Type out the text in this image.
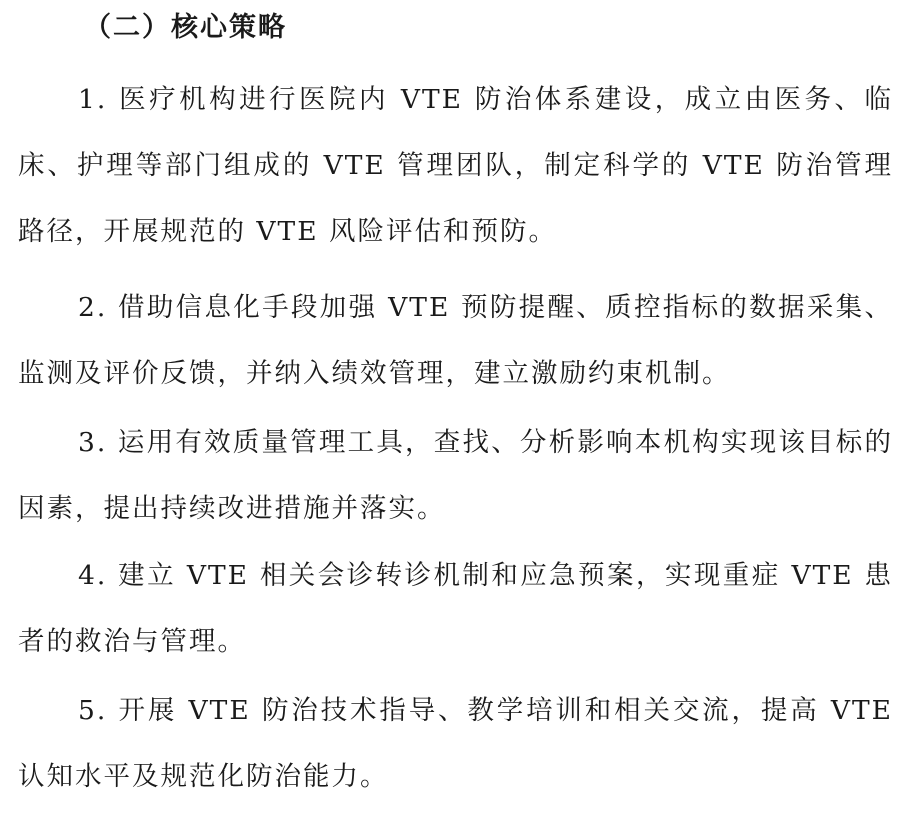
（二）核心策略

1. 医疗机构进行医院内 VTE 防治体系建设，成立由医务、临床、护理等部门组成的 VTE 管理团队，制定科学的 VTE 防治管理路径，开展规范的 VTE 风险评估和预防。

2. 借助信息化手段加强 VTE 预防提醒、质控指标的数据采集、监测及评价反馈，并纳入绩效管理，建立激励约束机制。

3. 运用有效质量管理工具，查找、分析影响本机构实现该目标的因素，提出持续改进措施并落实。

4. 建立 VTE 相关会诊转诊机制和应急预案，实现重症 VTE 患者的救治与管理。

5. 开展 VTE 防治技术指导、教学培训和相关交流，提高 VTE 认知水平及规范化防治能力。
